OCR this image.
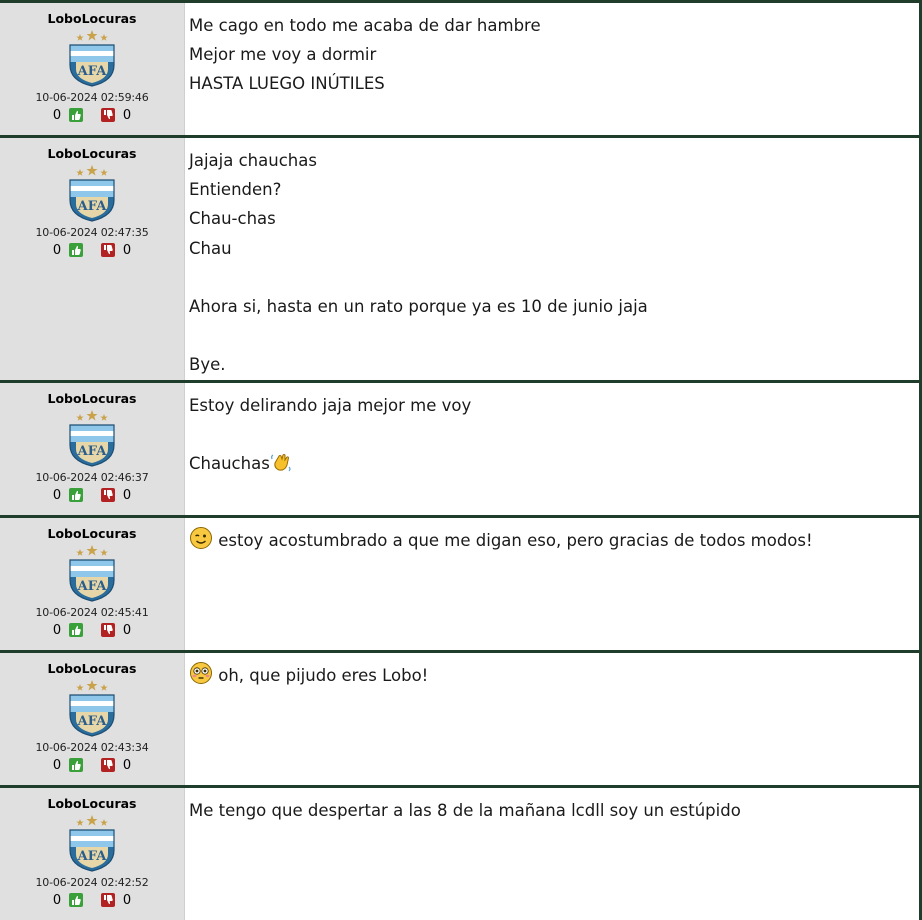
LoboLocuras
AFA
10-06-2024 02:59:46
0	0
Me cago en todo me acaba de dar hambre
Mejor me voy a dormir
HASTA LUEGO INÚTILES
LoboLocuras
AFA
10-06-2024 02:47:35
0	0
Jajaja chauchas
Entienden?
Chau-chas
Chau
Ahora si, hasta en un rato porque ya es 10 de junio jaja
Bye.
LoboLocuras
AFA
10-06-2024 02:46:37
0	0
Estoy delirando jaja mejor me voy
Chauchas
LoboLocuras
AFA
10-06-2024 02:45:41
0	0
estoy acostumbrado a que me digan eso, pero gracias de todos modos!
LoboLocuras
AFA
10-06-2024 02:43:34
0	0
oh, que pijudo eres Lobo!
LoboLocuras
AFA
10-06-2024 02:42:52
0	0
Me tengo que despertar a las 8 de la mañana lcdll soy un estúpido
